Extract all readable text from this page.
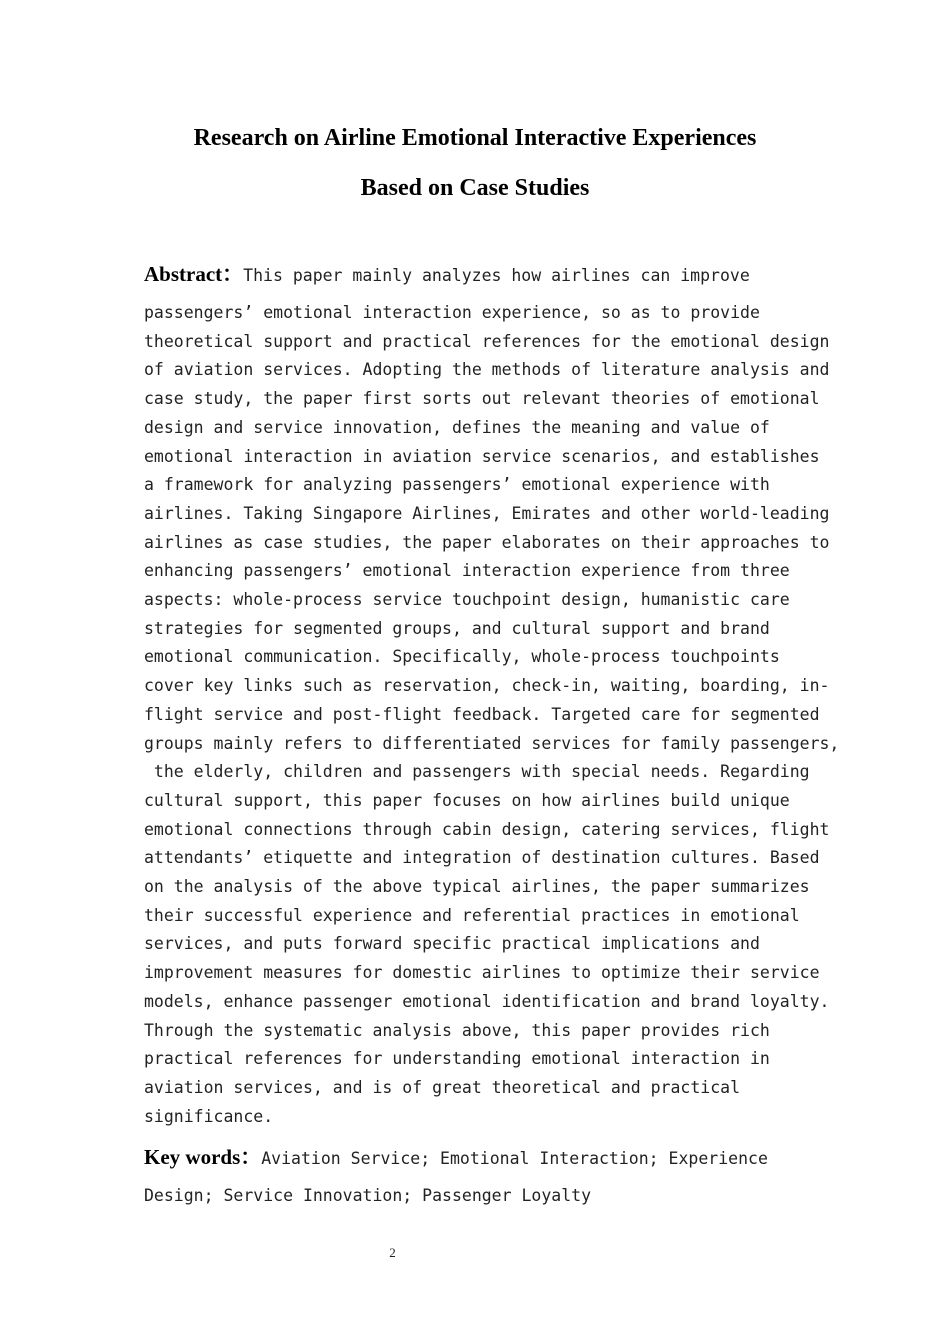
Research on Airline Emotional Interactive Experiences
Based on Case Studies
Abstract：This paper mainly analyzes how airlines can improve
passengers’ emotional interaction experience, so as to provide
theoretical support and practical references for the emotional design
of aviation services. Adopting the methods of literature analysis and
case study, the paper first sorts out relevant theories of emotional
design and service innovation, defines the meaning and value of
emotional interaction in aviation service scenarios, and establishes
a framework for analyzing passengers’ emotional experience with
airlines. Taking Singapore Airlines, Emirates and other world-leading
airlines as case studies, the paper elaborates on their approaches to
enhancing passengers’ emotional interaction experience from three
aspects: whole-process service touchpoint design, humanistic care
strategies for segmented groups, and cultural support and brand
emotional communication. Specifically, whole-process touchpoints
cover key links such as reservation, check-in, waiting, boarding, in-
flight service and post-flight feedback. Targeted care for segmented
groups mainly refers to differentiated services for family passengers,
the elderly, children and passengers with special needs. Regarding
cultural support, this paper focuses on how airlines build unique
emotional connections through cabin design, catering services, flight
attendants’ etiquette and integration of destination cultures. Based
on the analysis of the above typical airlines, the paper summarizes
their successful experience and referential practices in emotional
services, and puts forward specific practical implications and
improvement measures for domestic airlines to optimize their service
models, enhance passenger emotional identification and brand loyalty.
Through the systematic analysis above, this paper provides rich
practical references for understanding emotional interaction in
aviation services, and is of great theoretical and practical
significance.
Key words：Aviation Service; Emotional Interaction; Experience
Design; Service Innovation; Passenger Loyalty
2
